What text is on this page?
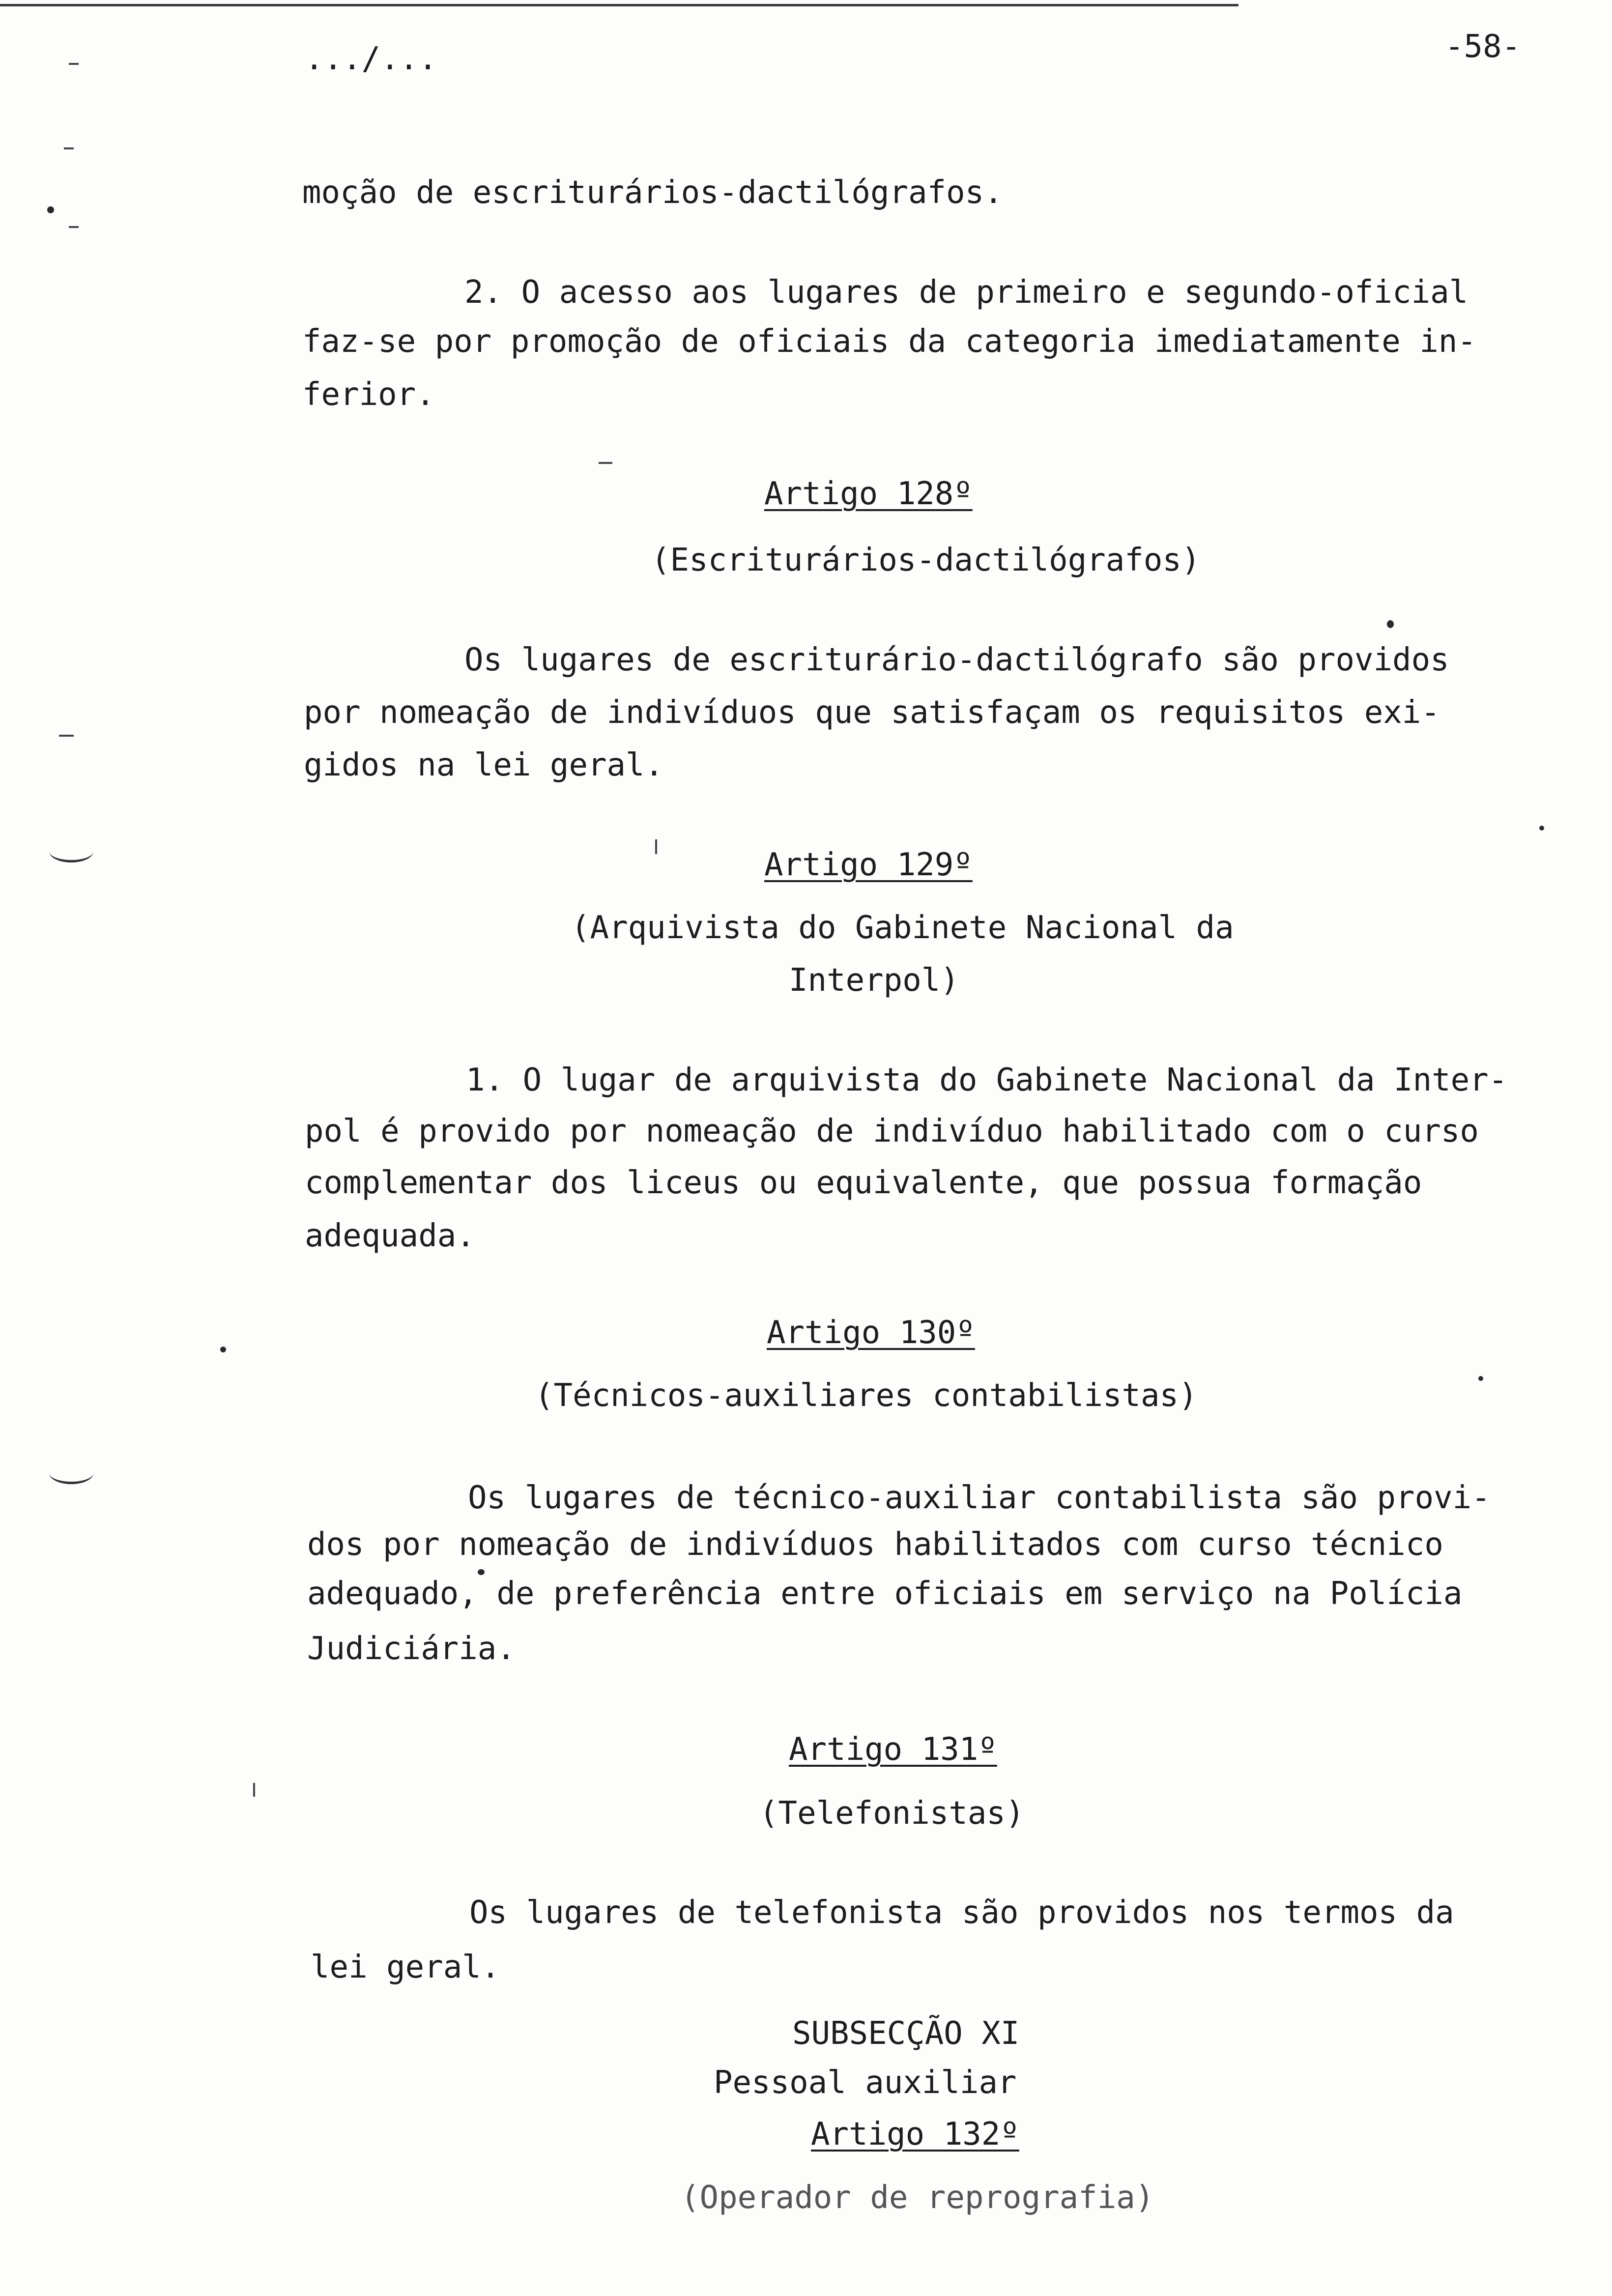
.../...	-58-
moção de escriturários-dactilógrafos.
2. O acesso aos lugares de primeiro e segundo-oficial
faz-se por promoção de oficiais da categoria imediatamente in-
ferior.
Artigo 128º
(Escriturários-dactilógrafos)
Os lugares de escriturário-dactilógrafo são providos
por nomeação de indivíduos que satisfaçam os requisitos exi-
gidos na lei geral.
Artigo 129º
(Arquivista do Gabinete Nacional da
Interpol)
1. O lugar de arquivista do Gabinete Nacional da Inter-
pol é provido por nomeação de indivíduo habilitado com o curso
complementar dos liceus ou equivalente, que possua formação
adequada.
Artigo 130º
(Técnicos-auxiliares contabilistas)
Os lugares de técnico-auxiliar contabilista são provi-
dos por nomeação de indivíduos habilitados com curso técnico
adequado, de preferência entre oficiais em serviço na Polícia
Judiciária.
Artigo 131º
(Telefonistas)
Os lugares de telefonista são providos nos termos da
lei geral.
SUBSECÇÃO XI
Pessoal auxiliar
Artigo 132º
(Operador de reprografia)
